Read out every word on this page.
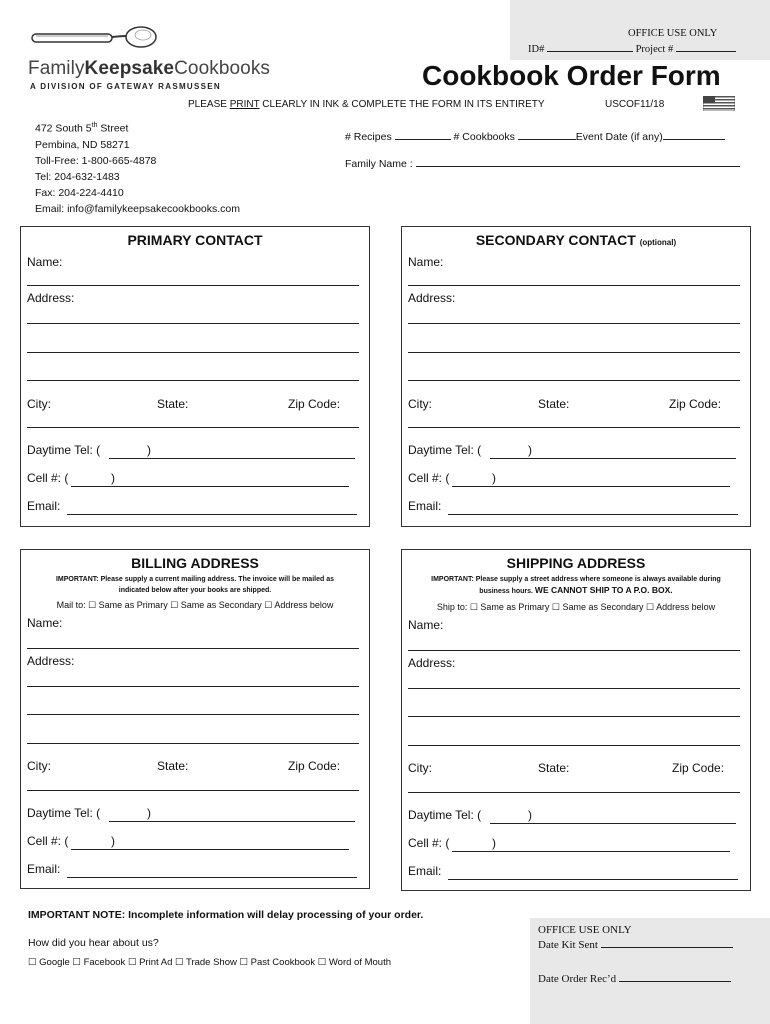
OFFICE USE ONLY
ID#	Project #
FamilyKeepsakeCookbooks
A DIVISION OF GATEWAY RASMUSSEN	Cookbook Order Form
PLEASE PRINT CLEARLY IN INK & COMPLETE THE FORM IN ITS ENTIRETY	USCOF11/18
472 South 5th Street
Pembina, ND 58271
Toll-Free: 1-800-665-4878
Tel: 204-632-1483
Fax: 204-224-4410
Email: info@familykeepsakecookbooks.com
# Recipes	# Cookbooks	Event Date (if any)
Family Name :
PRIMARY CONTACT
Name:
Address:
City:	State:	Zip Code:
Daytime Tel: (	)
Cell #: (	)
Email:
SECONDARY CONTACT (optional)
Name:
Address:
City:	State:	Zip Code:
Daytime Tel: (	)
Cell #: (	)
Email:
BILLING ADDRESS
IMPORTANT: Please supply a current mailing address. The invoice will be mailed as
indicated below after your books are shipped.
Mail to: ☐ Same as Primary ☐ Same as Secondary ☐ Address below
Name:
Address:
City:	State:	Zip Code:
Daytime Tel: (	)
Cell #: (	)
Email:
SHIPPING ADDRESS
IMPORTANT: Please supply a street address where someone is always available during
business hours. WE CANNOT SHIP TO A P.O. BOX.
Ship to: ☐ Same as Primary ☐ Same as Secondary ☐ Address below
Name:
Address:
City:	State:	Zip Code:
Daytime Tel: (	)
Cell #: (	)
Email:
IMPORTANT NOTE: Incomplete information will delay processing of your order.
How did you hear about us?
☐ Google ☐ Facebook ☐ Print Ad ☐ Trade Show ☐ Past Cookbook ☐ Word of Mouth
OFFICE USE ONLY
Date Kit Sent
Date Order Rec’d
